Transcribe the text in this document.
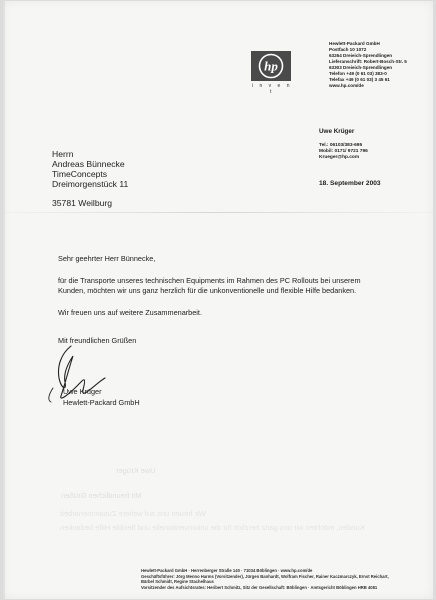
hp
i n v e n t
Hewlett-Packard GmbH
Postfach 10 1072
63264 Dreieich-Sprendlingen
Lieferanschrift: Robert-Bosch-Str. 5
63303 Dreieich-Sprendlingen
Telefon +49 (0 61 03) 383-0
Telefax +49 (0 61 03) 3 45 61
www.hp.com/de
Herrn
Andreas Bünnecke
TimeConcepts
Dreimorgenstück 11
35781 Weilburg
Uwe Krüger
Tel.: 06103/383-695
Mobil: 0171/ 9721 796
Krueger@hp.com
18. September 2003
Sehr geehrter Herr Bünnecke,
für die Transporte unseres technischen Equipments im Rahmen des PC Rollouts bei unserem
Kunden, möchten wir uns ganz herzlich für die unkonventionelle und flexible Hilfe bedanken.
Wir freuen uns auf weitere Zusammenarbeit.
Mit freundlichen Grüßen
Uwe Krüger
Hewlett-Packard GmbH
Uwe Krüger
Mit freundlichen Grüßen
Wir freuen uns auf weitere Zusammenarbeit.
Kunden, möchten wir uns ganz herzlich für die unkonventionelle und flexible Hilfe bedanken.
Hewlett-Packard GmbH · Herrenberger Straße 140 · 71034 Böblingen · www.hp.com/de
Geschäftsführer: Jörg Menno Harms (Vorsitzender), Jürgen Banhardt, Wolfram Fischer, Rainer Kaczmarczyk, Ernst Reichart,
Bärbel Schmidt, Regine Stachelhaus
Vorsitzender des Aufsichtsrates: Heribert Schmitz, Sitz der Gesellschaft: Böblingen · Amtsgericht Böblingen HRB 4081
